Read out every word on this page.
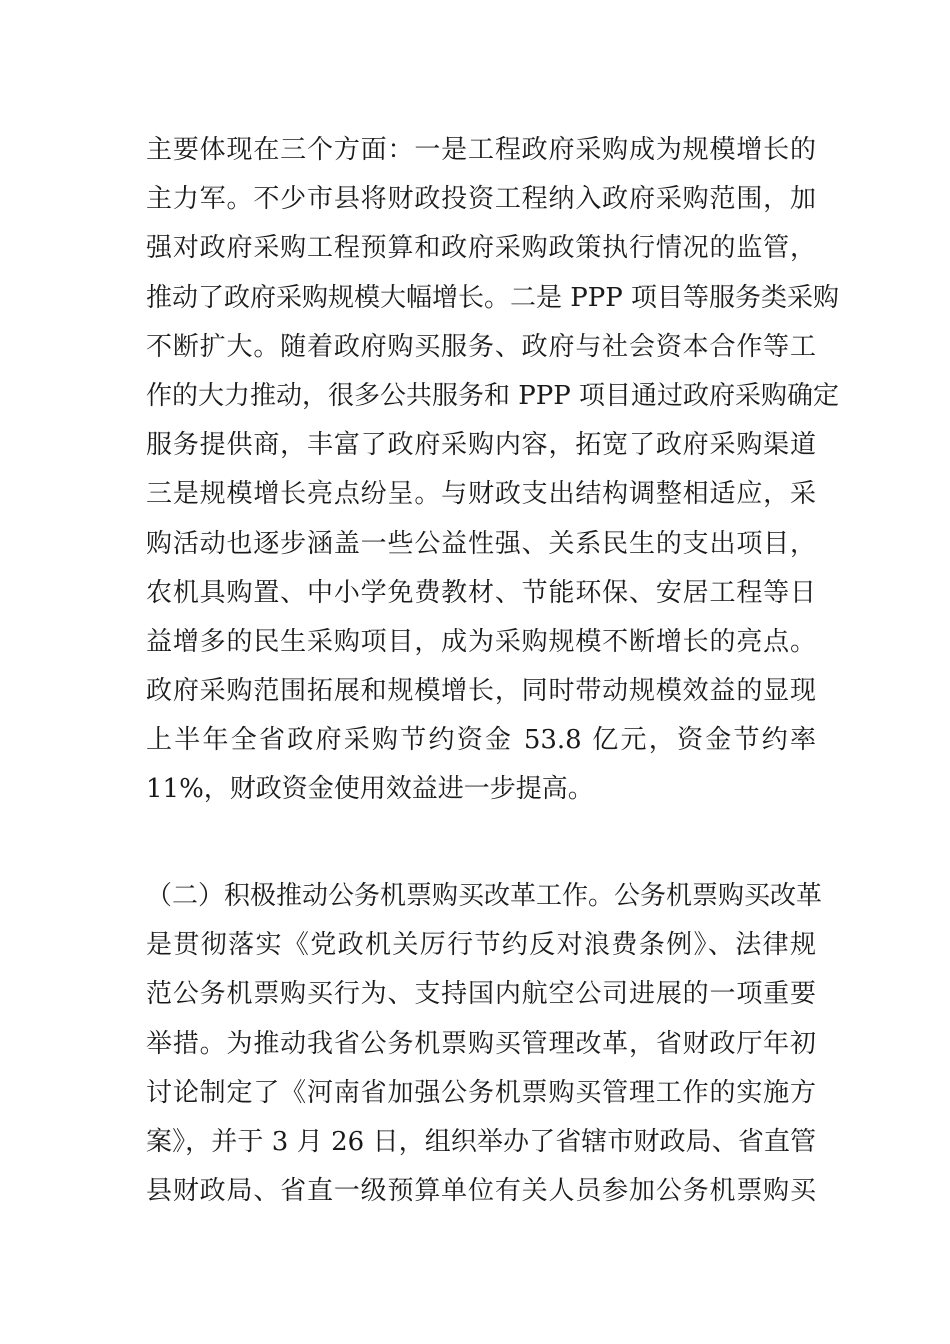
主要体现在三个方面：一是工程政府采购成为规模增长的
主力军。不少市县将财政投资工程纳入政府采购范围，加
强对政府采购工程预算和政府采购政策执行情况的监管，
推动了政府采购规模大幅增长。二是 PPP 项目等服务类采购
不断扩大。随着政府购买服务、政府与社会资本合作等工
作的大力推动，很多公共服务和 PPP 项目通过政府采购确定
服务提供商，丰富了政府采购内容，拓宽了政府采购渠道
三是规模增长亮点纷呈。与财政支出结构调整相适应，采
购活动也逐步涵盖一些公益性强、关系民生的支出项目，
农机具购置、中小学免费教材、节能环保、安居工程等日
益增多的民生采购项目，成为采购规模不断增长的亮点。
政府采购范围拓展和规模增长，同时带动规模效益的显现
上半年全省政府采购节约资金 53.8 亿元，资金节约率
11%，财政资金使用效益进一步提高。
（二）积极推动公务机票购买改革工作。公务机票购买改革
是贯彻落实《党政机关厉行节约反对浪费条例》、法律规
范公务机票购买行为、支持国内航空公司进展的一项重要
举措。为推动我省公务机票购买管理改革，省财政厅年初
讨论制定了《河南省加强公务机票购买管理工作的实施方
案》，并于 3 月 26 日，组织举办了省辖市财政局、省直管
县财政局、省直一级预算单位有关人员参加公务机票购买
